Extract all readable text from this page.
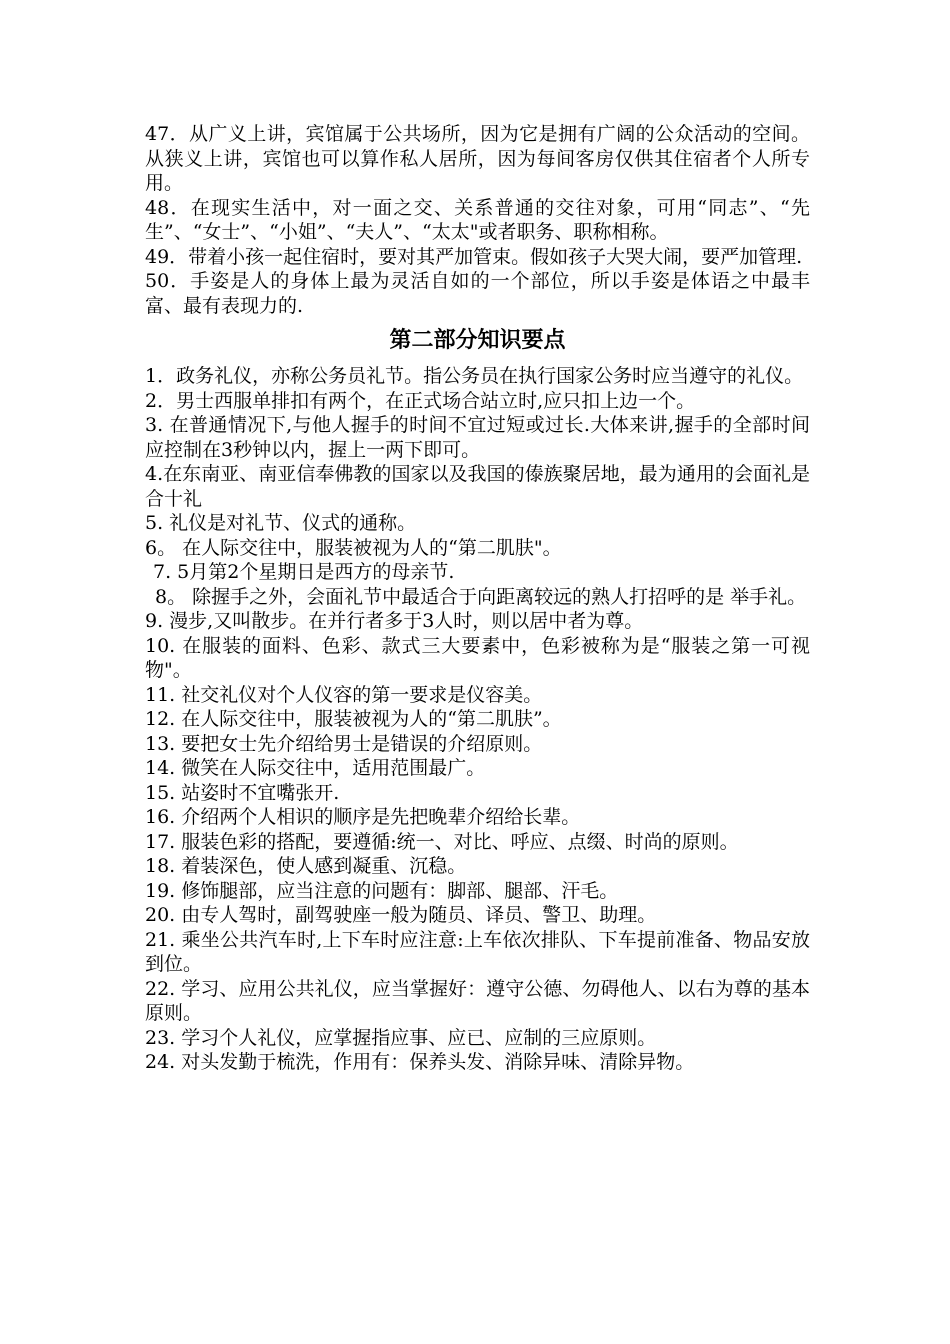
47．从广义上讲，宾馆属于公共场所，因为它是拥有广阔的公众活动的空间。从狭义上讲，宾馆也可以算作私人居所，因为每间客房仅供其住宿者个人所专用。

48．在现实生活中，对一面之交、关系普通的交往对象，可用“同志”、“先生”、“女士”、“小姐”、“夫人”、“太太"或者职务、职称相称。

49．带着小孩一起住宿时，要对其严加管束。假如孩子大哭大闹，要严加管理.

50．手姿是人的身体上最为灵活自如的一个部位，所以手姿是体语之中最丰富、最有表现力的.

第二部分知识要点

1．政务礼仪，亦称公务员礼节。指公务员在执行国家公务时应当遵守的礼仪。

2．男士西服单排扣有两个，在正式场合站立时,应只扣上边一个。

3. 在普通情况下,与他人握手的时间不宜过短或过长.大体来讲,握手的全部时间应控制在3秒钟以内，握上一两下即可。

4.在东南亚、南亚信奉佛教的国家以及我国的傣族聚居地，最为通用的会面礼是合十礼

5. 礼仪是对礼节、仪式的通称。

6。 在人际交往中，服装被视为人的“第二肌肤"。

7. 5月第2个星期日是西方的母亲节.

8。 除握手之外，会面礼节中最适合于向距离较远的熟人打招呼的是 举手礼。

9. 漫步,又叫散步。在并行者多于3人时，则以居中者为尊。

10. 在服装的面料、色彩、款式三大要素中，色彩被称为是“服装之第一可视物"。

11. 社交礼仪对个人仪容的第一要求是仪容美。

12. 在人际交往中，服装被视为人的“第二肌肤”。

13. 要把女士先介绍给男士是错误的介绍原则。

14. 微笑在人际交往中，适用范围最广。

15. 站姿时不宜嘴张开.

16. 介绍两个人相识的顺序是先把晚辈介绍给长辈。

17. 服装色彩的搭配，要遵循:统一、对比、呼应、点缀、时尚的原则。

18. 着装深色，使人感到凝重、沉稳。

19. 修饰腿部，应当注意的问题有：脚部、腿部、汗毛。

20. 由专人驾时，副驾驶座一般为随员、译员、警卫、助理。

21. 乘坐公共汽车时,上下车时应注意:上车依次排队、下车提前准备、物品安放到位。

22. 学习、应用公共礼仪，应当掌握好：遵守公德、勿碍他人、以右为尊的基本原则。

23. 学习个人礼仪，应掌握指应事、应已、应制的三应原则。

24. 对头发勤于梳洗，作用有：保养头发、消除异味、清除异物。
